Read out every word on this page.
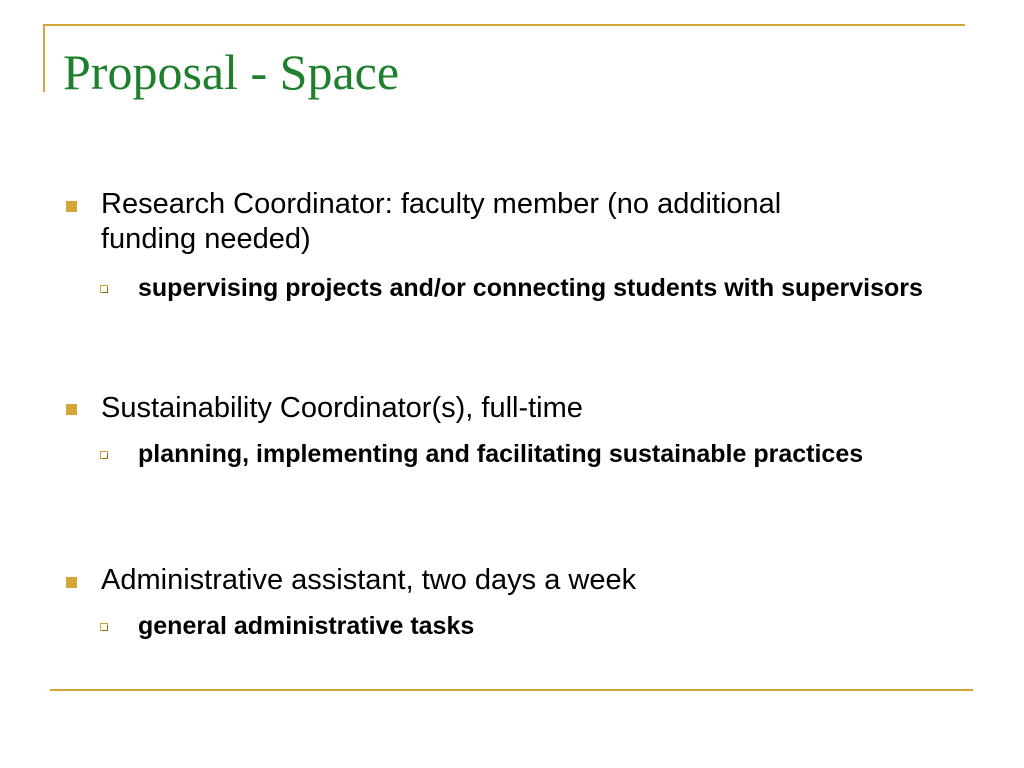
Proposal - Space
Research Coordinator: faculty member (no additional funding needed)
supervising projects and/or connecting students with supervisors
Sustainability Coordinator(s), full-time
planning, implementing and facilitating sustainable practices
Administrative assistant, two days a week
general administrative tasks
